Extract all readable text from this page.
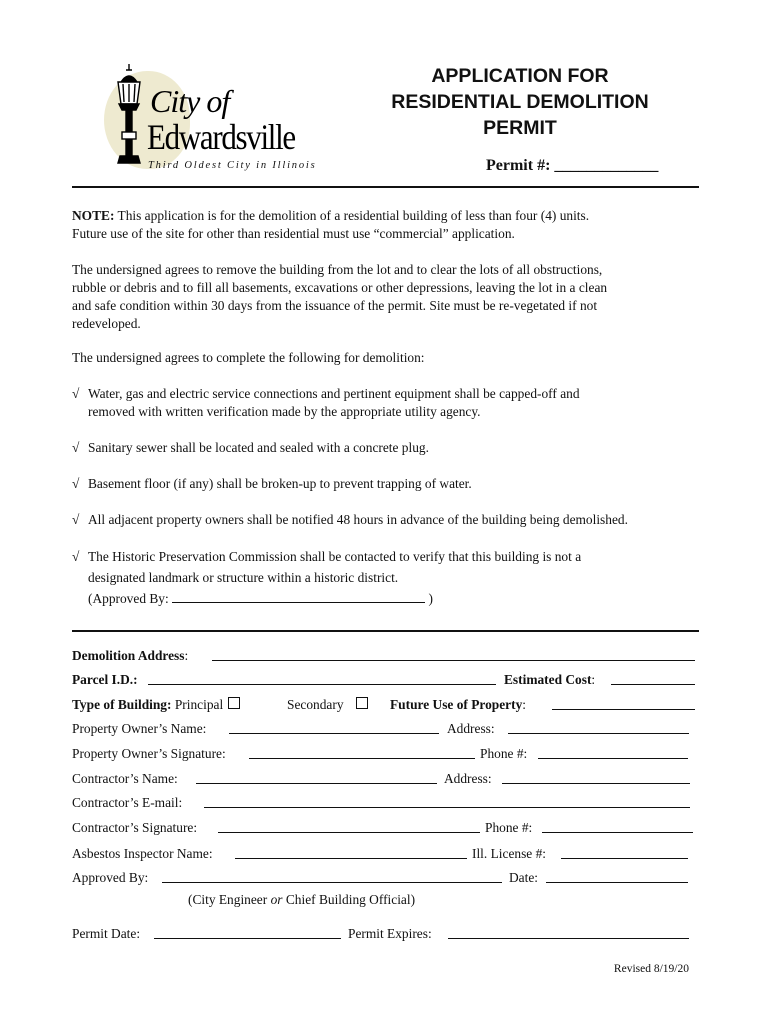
City of
Edwardsville
Third Oldest City in Illinois
APPLICATION FOR
RESIDENTIAL DEMOLITION
PERMIT
Permit #: _____________
NOTE: This application is for the demolition of a residential building of less than four (4) units.
Future use of the site for other than residential must use “commercial” application.
The undersigned agrees to remove the building from the lot and to clear the lots of all obstructions,
rubble or debris and to fill all basements, excavations or other depressions, leaving the lot in a clean
and safe condition within 30 days from the issuance of the permit. Site must be re-vegetated if not
redeveloped.
The undersigned agrees to complete the following for demolition:
√ Water, gas and electric service connections and pertinent equipment shall be capped-off and
removed with written verification made by the appropriate utility agency.
√ Sanitary sewer shall be located and sealed with a concrete plug.
√ Basement floor (if any) shall be broken-up to prevent trapping of water.
√ All adjacent property owners shall be notified 48 hours in advance of the building being demolished.
√ The Historic Preservation Commission shall be contacted to verify that this building is not a
designated landmark or structure within a historic district.
(Approved By:	)
Demolition Address:
Parcel I.D.:	Estimated Cost:
Type of Building: Principal	Secondary	Future Use of Property:
Property Owner’s Name:	Address:
Property Owner’s Signature:	Phone #:
Contractor’s Name:	Address:
Contractor’s E-mail:
Contractor’s Signature:	Phone #:
Asbestos Inspector Name:	Ill. License #:
Approved By:	Date:
(City Engineer or Chief Building Official)
Permit Date:	Permit Expires:
Revised 8/19/20
